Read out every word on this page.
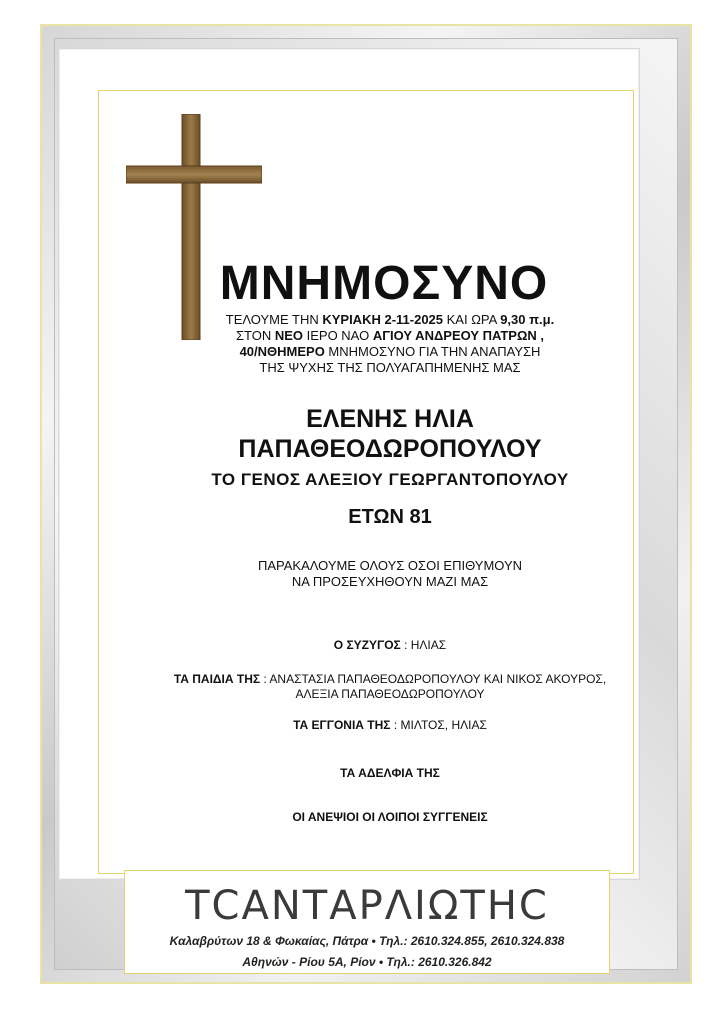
ΜΝΗΜΟΣΥΝΟ
ΤΕΛΟΥΜΕ ΤΗΝ ΚΥΡΙΑΚΗ 2-11-2025 ΚΑΙ ΩΡΑ 9,30 π.μ.
ΣΤΟΝ ΝΕΟ ΙΕΡΟ ΝΑΟ ΑΓΙΟΥ ΑΝΔΡΕΟΥ ΠΑΤΡΩΝ ,
40/ΝΘΗΜΕΡΟ ΜΝΗΜΟΣΥΝΟ ΓΙΑ ΤΗΝ ΑΝΑΠΑΥΣΗ
ΤΗΣ ΨΥΧΗΣ ΤΗΣ ΠΟΛΥΑΓΑΠΗΜΕΝΗΣ ΜΑΣ
ΕΛΕΝΗΣ ΗΛΙΑ
ΠΑΠΑΘΕΟΔΩΡΟΠΟΥΛΟΥ
ΤΟ ΓΕΝΟΣ ΑΛΕΞΙΟΥ ΓΕΩΡΓΑΝΤΟΠΟΥΛΟΥ
ΕΤΩΝ 81
ΠΑΡΑΚΑΛΟΥΜΕ ΟΛΟΥΣ ΟΣΟΙ ΕΠΙΘΥΜΟΥΝ
ΝΑ ΠΡΟΣΕΥΧΗΘΟΥΝ ΜΑΖΙ ΜΑΣ
Ο ΣΥΖΥΓΟΣ : ΗΛΙΑΣ
ΤΑ ΠΑΙΔΙΑ ΤΗΣ : ΑΝΑΣΤΑΣΙΑ ΠΑΠΑΘΕΟΔΩΡΟΠΟΥΛΟΥ ΚΑΙ ΝΙΚΟΣ ΑΚΟΥΡΟΣ,
ΑΛΕΞΙΑ ΠΑΠΑΘΕΟΔΩΡΟΠΟΥΛΟΥ
ΤΑ ΕΓΓΟΝΙΑ ΤΗΣ : ΜΙΛΤΟΣ, ΗΛΙΑΣ
ΤΑ ΑΔΕΛΦΙΑ ΤΗΣ
ΟΙ ΑΝΕΨΙΟΙ ΟΙ ΛΟΙΠΟΙ ΣΥΓΓΕΝΕΙΣ
ΤCΑΝΤΑΡΛΙΩΤΗC
Καλαβρύτων 18 & Φωκαίας, Πάτρα • Τηλ.: 2610.324.855, 2610.324.838
Αθηνών - Ρίου 5Α, Ρίον • Τηλ.: 2610.326.842
